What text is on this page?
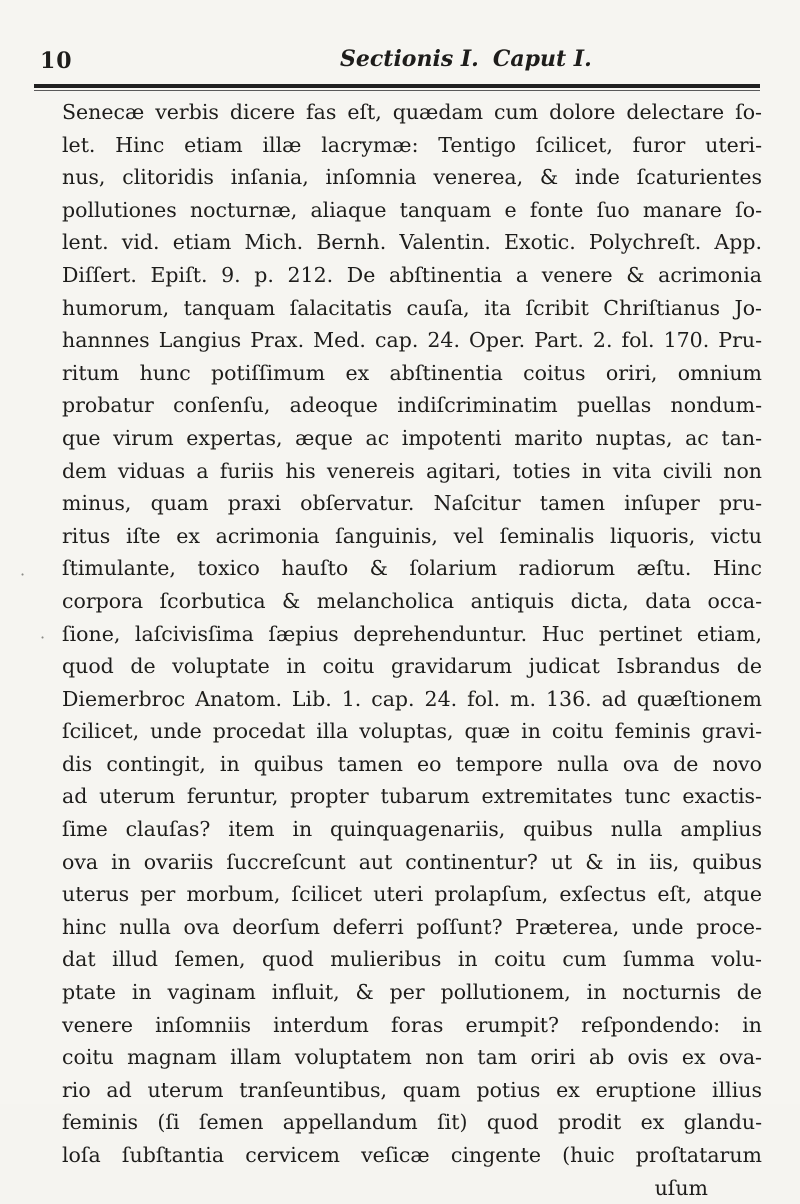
10	Sectionis I. Caput I.
·
·
Senecæ verbis dicere fas eſt, quædam cum dolore delectare ſo-
let. Hinc etiam illæ lacrymæ: Tentigo ſcilicet, furor uteri-
nus, clitoridis inſania, inſomnia venerea, & inde ſcaturientes
pollutiones nocturnæ, aliaque tanquam e fonte ſuo manare ſo-
lent. vid. etiam Mich. Bernh. Valentin. Exotic. Polychreſt. App.
Diſſert. Epiſt. 9. p. 212. De abſtinentia a venere & acrimonia
humorum, tanquam ſalacitatis cauſa, ita ſcribit Chriſtianus Jo-
hannnes Langius Prax. Med. cap. 24. Oper. Part. 2. fol. 170. Pru-
ritum hunc potiſſimum ex abſtinentia coitus oriri, omnium
probatur conſenſu, adeoque indiſcriminatim puellas nondum-
que virum expertas, æque ac impotenti marito nuptas, ac tan-
dem viduas a furiis his venereis agitari, toties in vita civili non
minus, quam praxi obſervatur. Naſcitur tamen inſuper pru-
ritus iſte ex acrimonia ſanguinis, vel ſeminalis liquoris, victu
ſtimulante, toxico hauſto & ſolarium radiorum æſtu. Hinc
corpora ſcorbutica & melancholica antiquis dicta, data occa-
ſione, laſcivisſima ſæpius deprehenduntur. Huc pertinet etiam,
quod de voluptate in coitu gravidarum judicat Isbrandus de
Diemerbroc Anatom. Lib. 1. cap. 24. fol. m. 136. ad quæſtionem
ſcilicet, unde procedat illa voluptas, quæ in coitu feminis gravi-
dis contingit, in quibus tamen eo tempore nulla ova de novo
ad uterum feruntur, propter tubarum extremitates tunc exactis-
ſime clauſas? item in quinquagenariis, quibus nulla amplius
ova in ovariis ſuccreſcunt aut continentur? ut & in iis, quibus
uterus per morbum, ſcilicet uteri prolapſum, exſectus eſt, atque
hinc nulla ova deorſum deferri poſſunt? Præterea, unde proce-
dat illud ſemen, quod mulieribus in coitu cum ſumma volu-
ptate in vaginam influit, & per pollutionem, in nocturnis de
venere inſomniis interdum foras erumpit? reſpondendo: in
coitu magnam illam voluptatem non tam oriri ab ovis ex ova-
rio ad uterum tranſeuntibus, quam potius ex eruptione illius
feminis (ſi ſemen appellandum ſit) quod prodit ex glandu-
loſa ſubſtantia cervicem veſicæ cingente (huic proſtatarum
uſum
